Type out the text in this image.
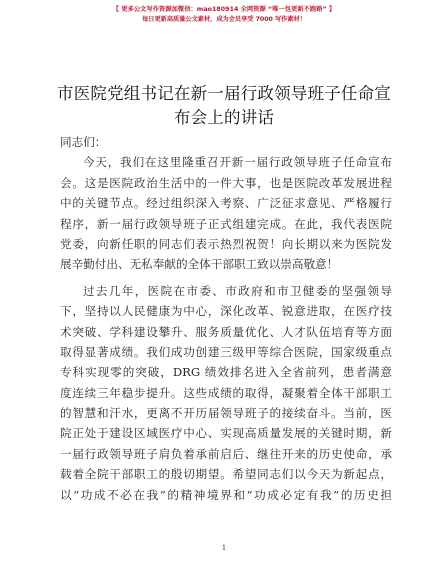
【 更多公文写作资源加微信：mao180914 全网资源 “唯一包更新不跑路” 】
每日更新高质量公文素材，成为会员享受 7000 写作素材！
市医院党组书记在新一届行政领导班子任命宣
布会上的讲话
同志们：
今天，我们在这里隆重召开新一届行政领导班子任命宣布
会。这是医院政治生活中的一件大事，也是医院改革发展进程
中的关键节点。经过组织深入考察、广泛征求意见、严格履行
程序，新一届行政领导班子正式组建完成。在此，我代表医院
党委，向新任职的同志们表示热烈祝贺！向长期以来为医院发
展辛勤付出、无私奉献的全体干部职工致以崇高敬意！
过去几年，医院在市委、市政府和市卫健委的坚强领导
下，坚持以人民健康为中心，深化改革、锐意进取，在医疗技
术突破、学科建设攀升、服务质量优化、人才队伍培育等方面
取得显著成绩。我们成功创建三级甲等综合医院，国家级重点
专科实现零的突破，DRG 绩效排名进入全省前列，患者满意
度连续三年稳步提升。这些成绩的取得，凝聚着全体干部职工
的智慧和汗水，更离不开历届领导班子的接续奋斗。当前，医
院正处于建设区域医疗中心、实现高质量发展的关键时期，新
一届行政领导班子肩负着承前启后、继往开来的历史使命，承
载着全院干部职工的殷切期望。希望同志们以今天为新起点，
以“功成不必在我”的精神境界和“功成必定有我”的历史担
1
